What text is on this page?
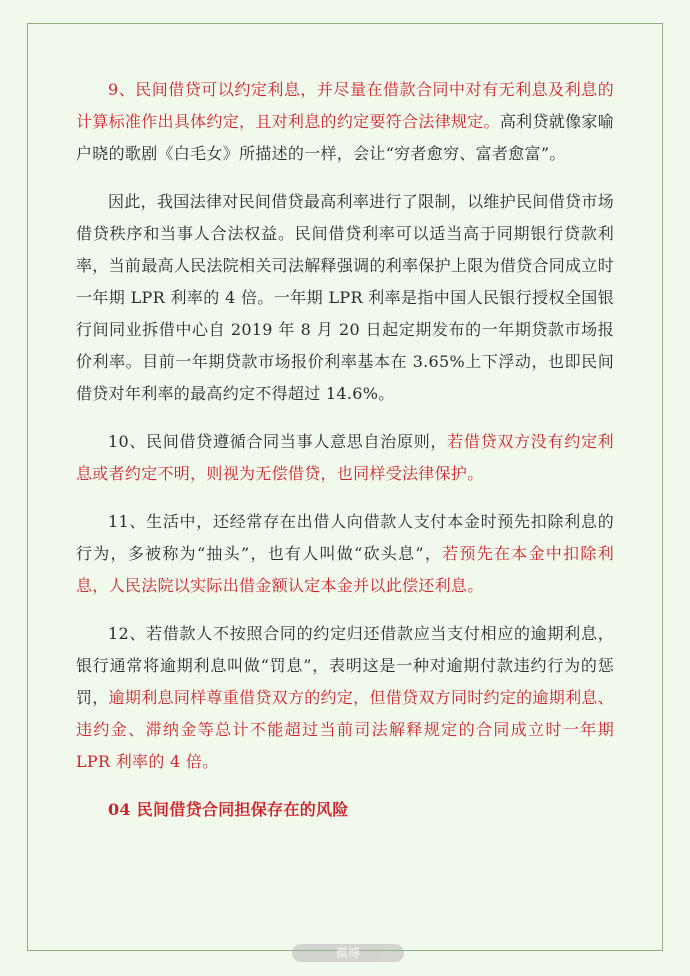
9、民间借贷可以约定利息，并尽量在借款合同中对有无利息及利息的计算标准作出具体约定，且对利息的约定要符合法律规定。高利贷就像家喻户晓的歌剧《白毛女》所描述的一样，会让“穷者愈穷、富者愈富”。

因此，我国法律对民间借贷最高利率进行了限制，以维护民间借贷市场借贷秩序和当事人合法权益。民间借贷利率可以适当高于同期银行贷款利率，当前最高人民法院相关司法解释强调的利率保护上限为借贷合同成立时一年期 LPR 利率的 4 倍。一年期 LPR 利率是指中国人民银行授权全国银行间同业拆借中心自 2019 年 8 月 20 日起定期发布的一年期贷款市场报价利率。目前一年期贷款市场报价利率基本在 3.65%上下浮动，也即民间借贷对年利率的最高约定不得超过 14.6%。

10、民间借贷遵循合同当事人意思自治原则，若借贷双方没有约定利息或者约定不明，则视为无偿借贷，也同样受法律保护。

11、生活中，还经常存在出借人向借款人支付本金时预先扣除利息的行为，多被称为“抽头”，也有人叫做“砍头息”，若预先在本金中扣除利息，人民法院以实际出借金额认定本金并以此偿还利息。

12、若借款人不按照合同的约定归还借款应当支付相应的逾期利息，银行通常将逾期利息叫做“罚息”，表明这是一种对逾期付款违约行为的惩罚，逾期利息同样尊重借贷双方的约定，但借贷双方同时约定的逾期利息、违约金、滞纳金等总计不能超过当前司法解释规定的合同成立时一年期 LPR 利率的 4 倍。

04 民间借贷合同担保存在的风险

微博
